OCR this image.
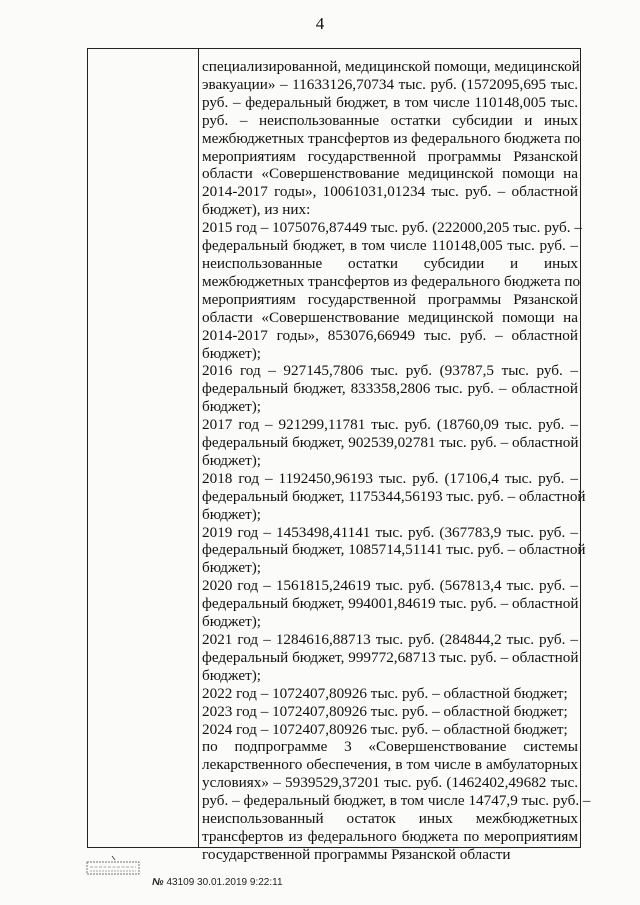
4
специализированной, медицинской помощи, медицинской
эвакуации» – 11633126,70734 тыс. руб. (1572095,695 тыс.
руб. – федеральный бюджет, в том числе 110148,005 тыс.
руб. – неиспользованные остатки субсидии и иных
межбюджетных трансфертов из федерального бюджета по
мероприятиям государственной программы Рязанской
области «Совершенствование медицинской помощи на
2014-2017 годы», 10061031,01234 тыс. руб. – областной
бюджет), из них:
2015 год – 1075076,87449 тыс. руб. (222000,205 тыс. руб. –
федеральный бюджет, в том числе 110148,005 тыс. руб. –
неиспользованные остатки субсидии и иных
межбюджетных трансфертов из федерального бюджета по
мероприятиям государственной программы Рязанской
области «Совершенствование медицинской помощи на
2014-2017 годы», 853076,66949 тыс. руб. – областной
бюджет);
2016 год – 927145,7806 тыс. руб. (93787,5 тыс. руб. –
федеральный бюджет, 833358,2806 тыс. руб. – областной
бюджет);
2017 год – 921299,11781 тыс. руб. (18760,09 тыс. руб. –
федеральный бюджет, 902539,02781 тыс. руб. – областной
бюджет);
2018 год – 1192450,96193 тыс. руб. (17106,4 тыс. руб. –
федеральный бюджет, 1175344,56193 тыс. руб. – областной
бюджет);
2019 год – 1453498,41141 тыс. руб. (367783,9 тыс. руб. –
федеральный бюджет, 1085714,51141 тыс. руб. – областной
бюджет);
2020 год – 1561815,24619 тыс. руб. (567813,4 тыс. руб. –
федеральный бюджет, 994001,84619 тыс. руб. – областной
бюджет);
2021 год – 1284616,88713 тыс. руб. (284844,2 тыс. руб. –
федеральный бюджет, 999772,68713 тыс. руб. – областной
бюджет);
2022 год – 1072407,80926 тыс. руб. – областной бюджет;
2023 год – 1072407,80926 тыс. руб. – областной бюджет;
2024 год – 1072407,80926 тыс. руб. – областной бюджет;
по подпрограмме 3 «Совершенствование системы
лекарственного обеспечения, в том числе в амбулаторных
условиях» – 5939529,37201 тыс. руб. (1462402,49682 тыс.
руб. – федеральный бюджет, в том числе 14747,9 тыс. руб. –
неиспользованный остаток иных межбюджетных
трансфертов из федерального бюджета по мероприятиям
государственной программы Рязанской области
№ 43109 30.01.2019 9:22:11
